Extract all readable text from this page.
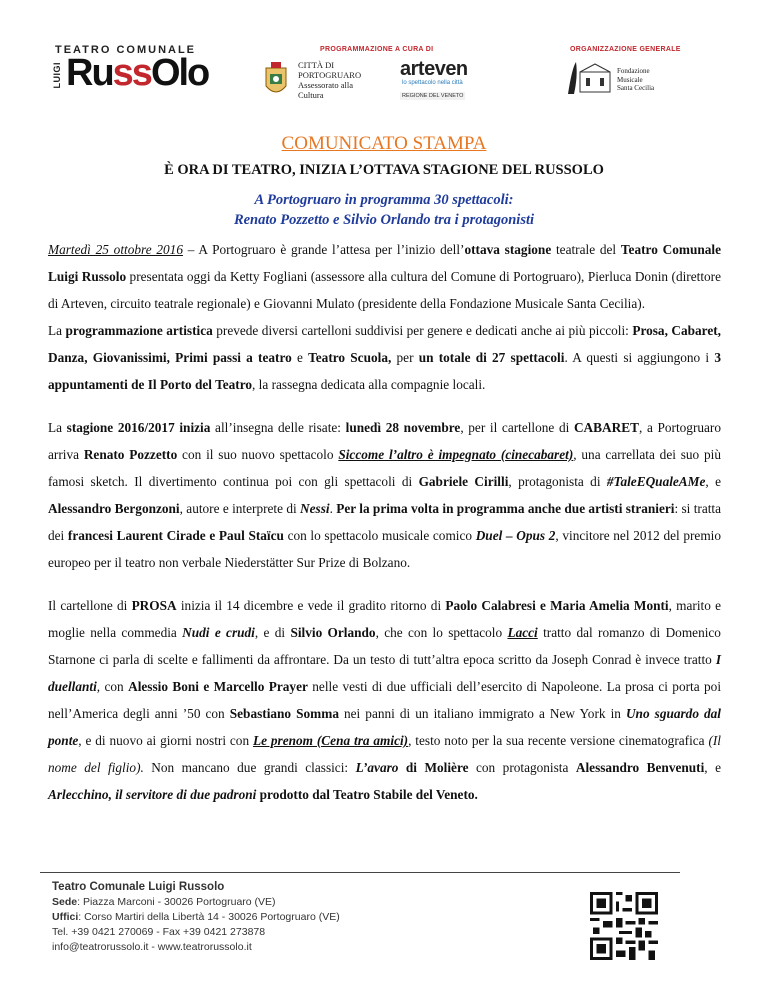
TEATRO COMUNALE
LUIGI RussOlo
PROGRAMMAZIONE A CURA DI
CITTÀ DI
PORTOGRUARO
Assessorato alla
Cultura
arteven
lo spettacolo nella città
REGIONE DEL VENETO
ORGANIZZAZIONE GENERALE
Fondazione
Musicale
Santa Cecilia
COMUNICATO STAMPA
È ORA DI TEATRO, INIZIA L’OTTAVA STAGIONE DEL RUSSOLO
A Portogruaro in programma 30 spettacoli:
Renato Pozzetto e Silvio Orlando tra i protagonisti

Martedì 25 ottobre 2016 – A Portogruaro è grande l’attesa per l’inizio dell’ottava stagione teatrale del Teatro Comunale Luigi Russolo presentata oggi da Ketty Fogliani (assessore alla cultura del Comune di Portogruaro), Pierluca Donin (direttore di Arteven, circuito teatrale regionale) e Giovanni Mulato (presidente della Fondazione Musicale Santa Cecilia).

La programmazione artistica prevede diversi cartelloni suddivisi per genere e dedicati anche ai più piccoli: Prosa, Cabaret, Danza, Giovanissimi, Primi passi a teatro e Teatro Scuola, per un totale di 27 spettacoli. A questi si aggiungono i 3 appuntamenti de Il Porto del Teatro, la rassegna dedicata alla compagnie locali.

La stagione 2016/2017 inizia all’insegna delle risate: lunedì 28 novembre, per il cartellone di CABARET, a Portogruaro arriva Renato Pozzetto con il suo nuovo spettacolo Siccome l’altro è impegnato (cinecabaret), una carrellata dei suo più famosi sketch. Il divertimento continua poi con gli spettacoli di Gabriele Cirilli, protagonista di #TaleEQualeAMe, e Alessandro Bergonzoni, autore e interprete di Nessi. Per la prima volta in programma anche due artisti stranieri: si tratta dei francesi Laurent Cirade e Paul Staïcu con lo spettacolo musicale comico Duel – Opus 2, vincitore nel 2012 del premio europeo per il teatro non verbale Niederstätter Sur Prize di Bolzano.

Il cartellone di PROSA inizia il 14 dicembre e vede il gradito ritorno di Paolo Calabresi e Maria Amelia Monti, marito e moglie nella commedia Nudi e crudi, e di Silvio Orlando, che con lo spettacolo Lacci tratto dal romanzo di Domenico Starnone ci parla di scelte e fallimenti da affrontare. Da un testo di tutt’altra epoca scritto da Joseph Conrad è invece tratto I duellanti, con Alessio Boni e Marcello Prayer nelle vesti di due ufficiali dell’esercito di Napoleone. La prosa ci porta poi nell’America degli anni ’50 con Sebastiano Somma nei panni di un italiano immigrato a New York in Uno sguardo dal ponte, e di nuovo ai giorni nostri con Le prenom (Cena tra amici), testo noto per la sua recente versione cinematografica (Il nome del figlio). Non mancano due grandi classici: L’avaro di Molière con protagonista Alessandro Benvenuti, e Arlecchino, il servitore di due padroni prodotto dal Teatro Stabile del Veneto.

Teatro Comunale Luigi Russolo
Sede: Piazza Marconi - 30026 Portogruaro (VE)
Uffici: Corso Martiri della Libertà 14 - 30026 Portogruaro (VE)
Tel. +39 0421 270069 - Fax +39 0421 273878
info@teatrorussolo.it - www.teatrorussolo.it
